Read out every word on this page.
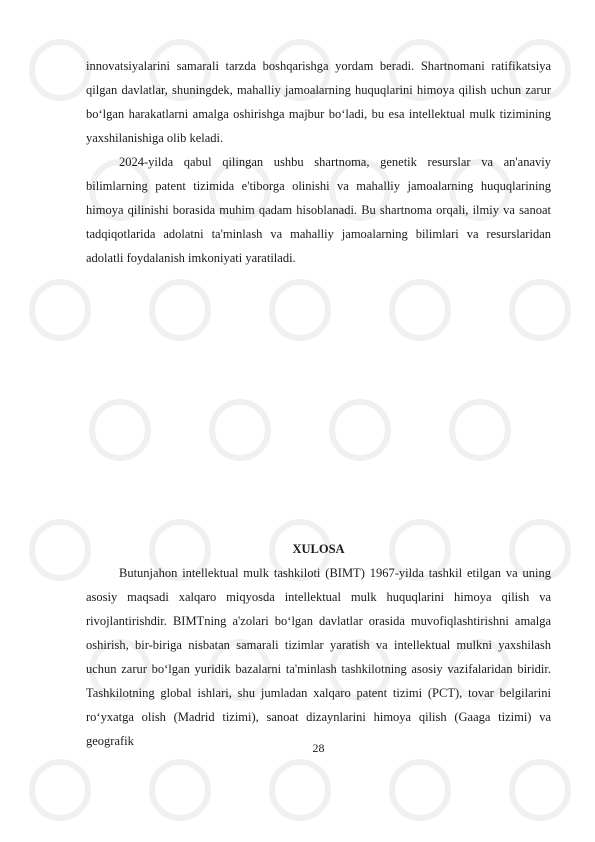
innovatsiyalarini samarali tarzda boshqarishga yordam beradi. Shartnomani ratifikatsiya qilgan davlatlar, shuningdek, mahalliy jamoalarning huquqlarini himoya qilish uchun zarur bo‘lgan harakatlarni amalga oshirishga majbur bo‘ladi, bu esa intellektual mulk tizimining yaxshilanishiga olib keladi.

2024-yilda qabul qilingan ushbu shartnoma, genetik resurslar va an'anaviy bilimlarning patent tizimida e'tiborga olinishi va mahalliy jamoalarning huquqlarining himoya qilinishi borasida muhim qadam hisoblanadi. Bu shartnoma orqali, ilmiy va sanoat tadqiqotlarida adolatni ta'minlash va mahalliy jamoalarning bilimlari va resurslaridan adolatli foydalanish imkoniyati yaratiladi.

XULOSA

Butunjahon intellektual mulk tashkiloti (BIMT) 1967-yilda tashkil etilgan va uning asosiy maqsadi xalqaro miqyosda intellektual mulk huquqlarini himoya qilish va rivojlantirishdir. BIMTning a'zolari bo‘lgan davlatlar orasida muvofiqlashtirishni amalga oshirish, bir-biriga nisbatan samarali tizimlar yaratish va intellektual mulkni yaxshilash uchun zarur bo‘lgan yuridik bazalarni ta'minlash tashkilotning asosiy vazifalaridan biridir. Tashkilotning global ishlari, shu jumladan xalqaro patent tizimi (PCT), tovar belgilarini ro‘yxatga olish (Madrid tizimi), sanoat dizaynlarini himoya qilish (Gaaga tizimi) va geografik	28
